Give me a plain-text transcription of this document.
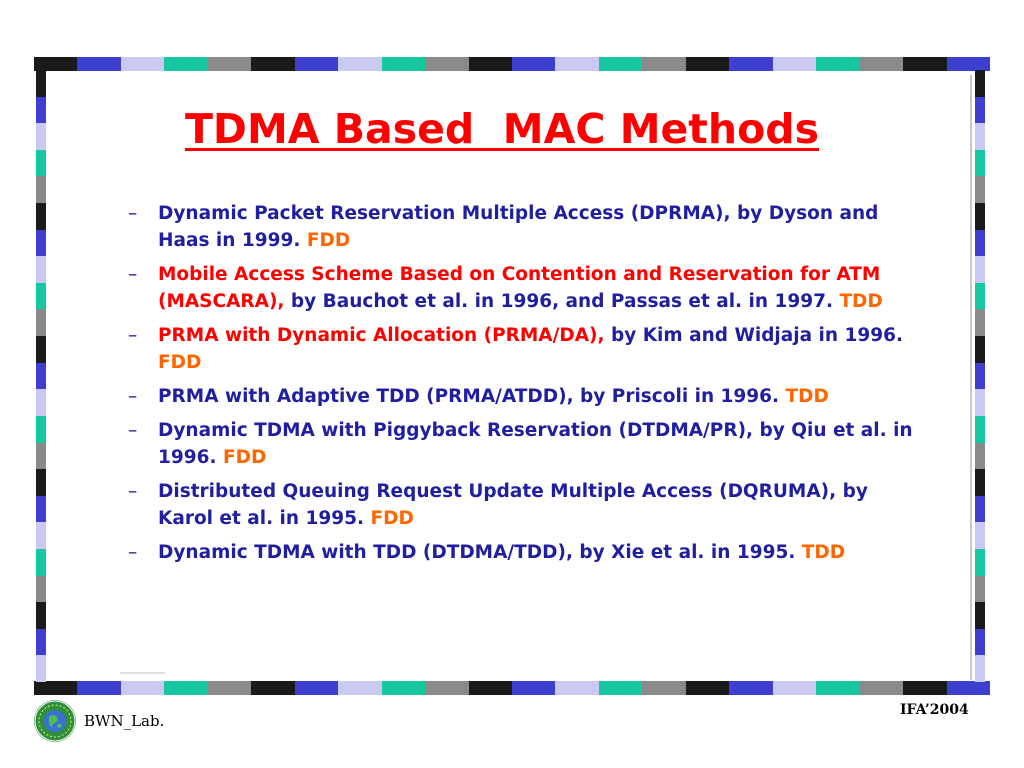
TDMA Based  MAC Methods
– Dynamic Packet Reservation Multiple Access (DPRMA), by Dyson and Haas in 1999. FDD
– Mobile Access Scheme Based on Contention and Reservation for ATM (MASCARA), by Bauchot et al. in 1996, and Passas et al. in 1997. TDD
– PRMA with Dynamic Allocation (PRMA/DA), by Kim and Widjaja in 1996. FDD
– PRMA with Adaptive TDD (PRMA/ATDD), by Priscoli in 1996. TDD
– Dynamic TDMA with Piggyback Reservation (DTDMA/PR), by Qiu et al. in 1996. FDD
– Distributed Queuing Request Update Multiple Access (DQRUMA), by Karol et al. in 1995. FDD
– Dynamic TDMA with TDD (DTDMA/TDD), by Xie et al. in 1995. TDD
BWN_Lab.
IFA’2004
